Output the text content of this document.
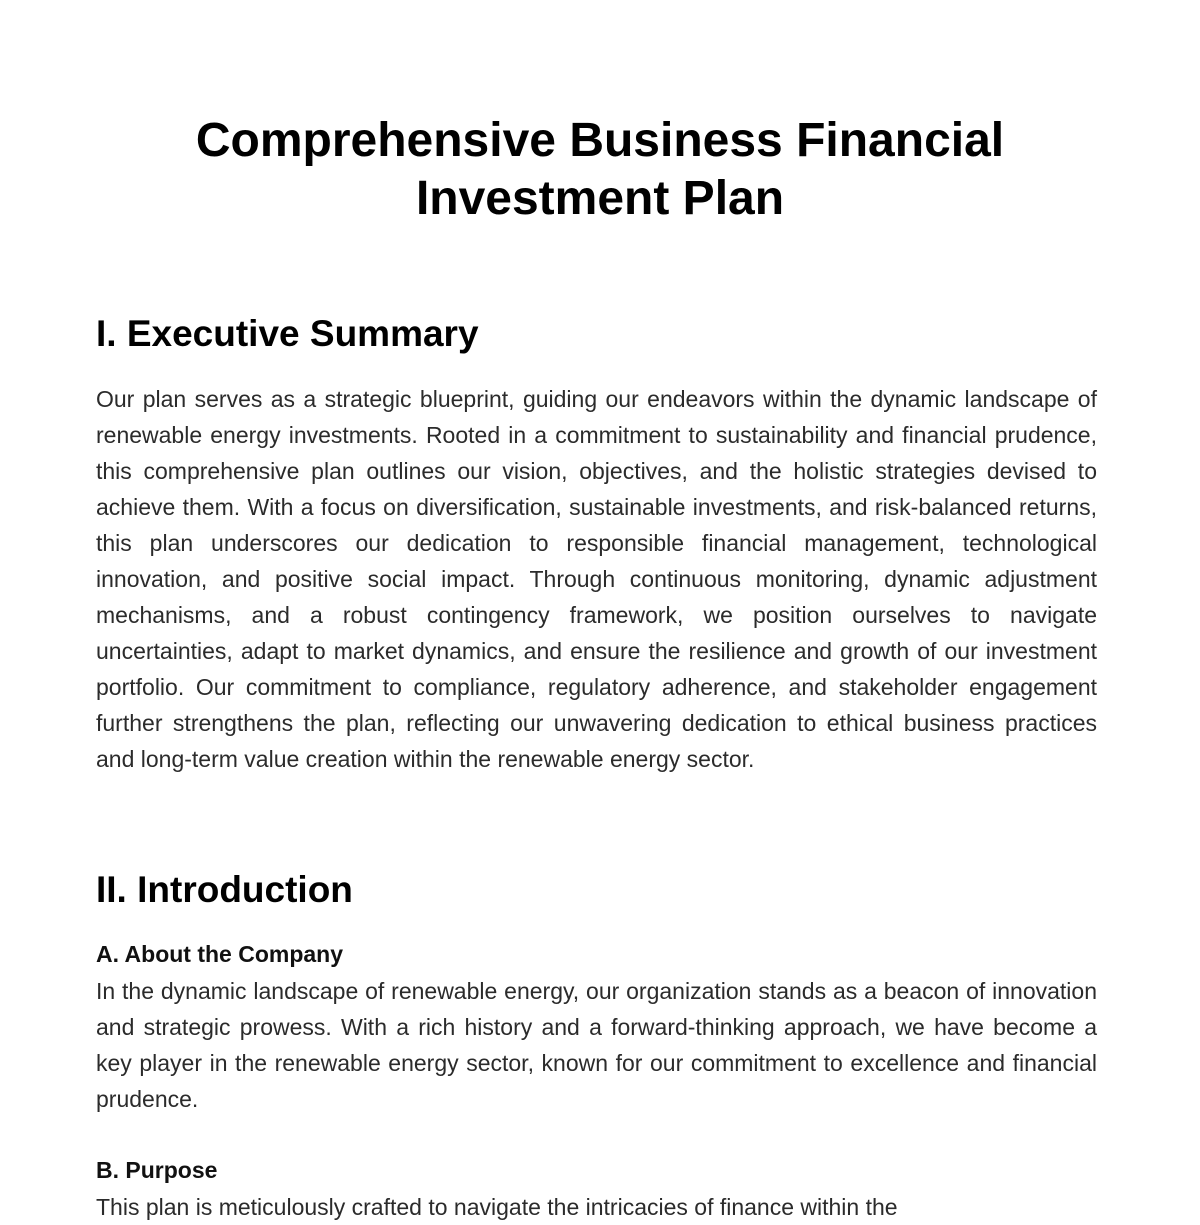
Comprehensive Business Financial Investment Plan
I. Executive Summary

Our plan serves as a strategic blueprint, guiding our endeavors within the dynamic landscape of renewable energy investments. Rooted in a commitment to sustainability and financial prudence, this comprehensive plan outlines our vision, objectives, and the holistic strategies devised to achieve them. With a focus on diversification, sustainable investments, and risk-balanced returns, this plan underscores our dedication to responsible financial management, technological innovation, and positive social impact. Through continuous monitoring, dynamic adjustment mechanisms, and a robust contingency framework, we position ourselves to navigate uncertainties, adapt to market dynamics, and ensure the resilience and growth of our investment portfolio. Our commitment to compliance, regulatory adherence, and stakeholder engagement further strengthens the plan, reflecting our unwavering dedication to ethical business practices and long-term value creation within the renewable energy sector.

II. Introduction
A. About the Company

In the dynamic landscape of renewable energy, our organization stands as a beacon of innovation and strategic prowess. With a rich history and a forward-thinking approach, we have become a key player in the renewable energy sector, known for our commitment to excellence and financial prudence.

B. Purpose

This plan is meticulously crafted to navigate the intricacies of finance within the
